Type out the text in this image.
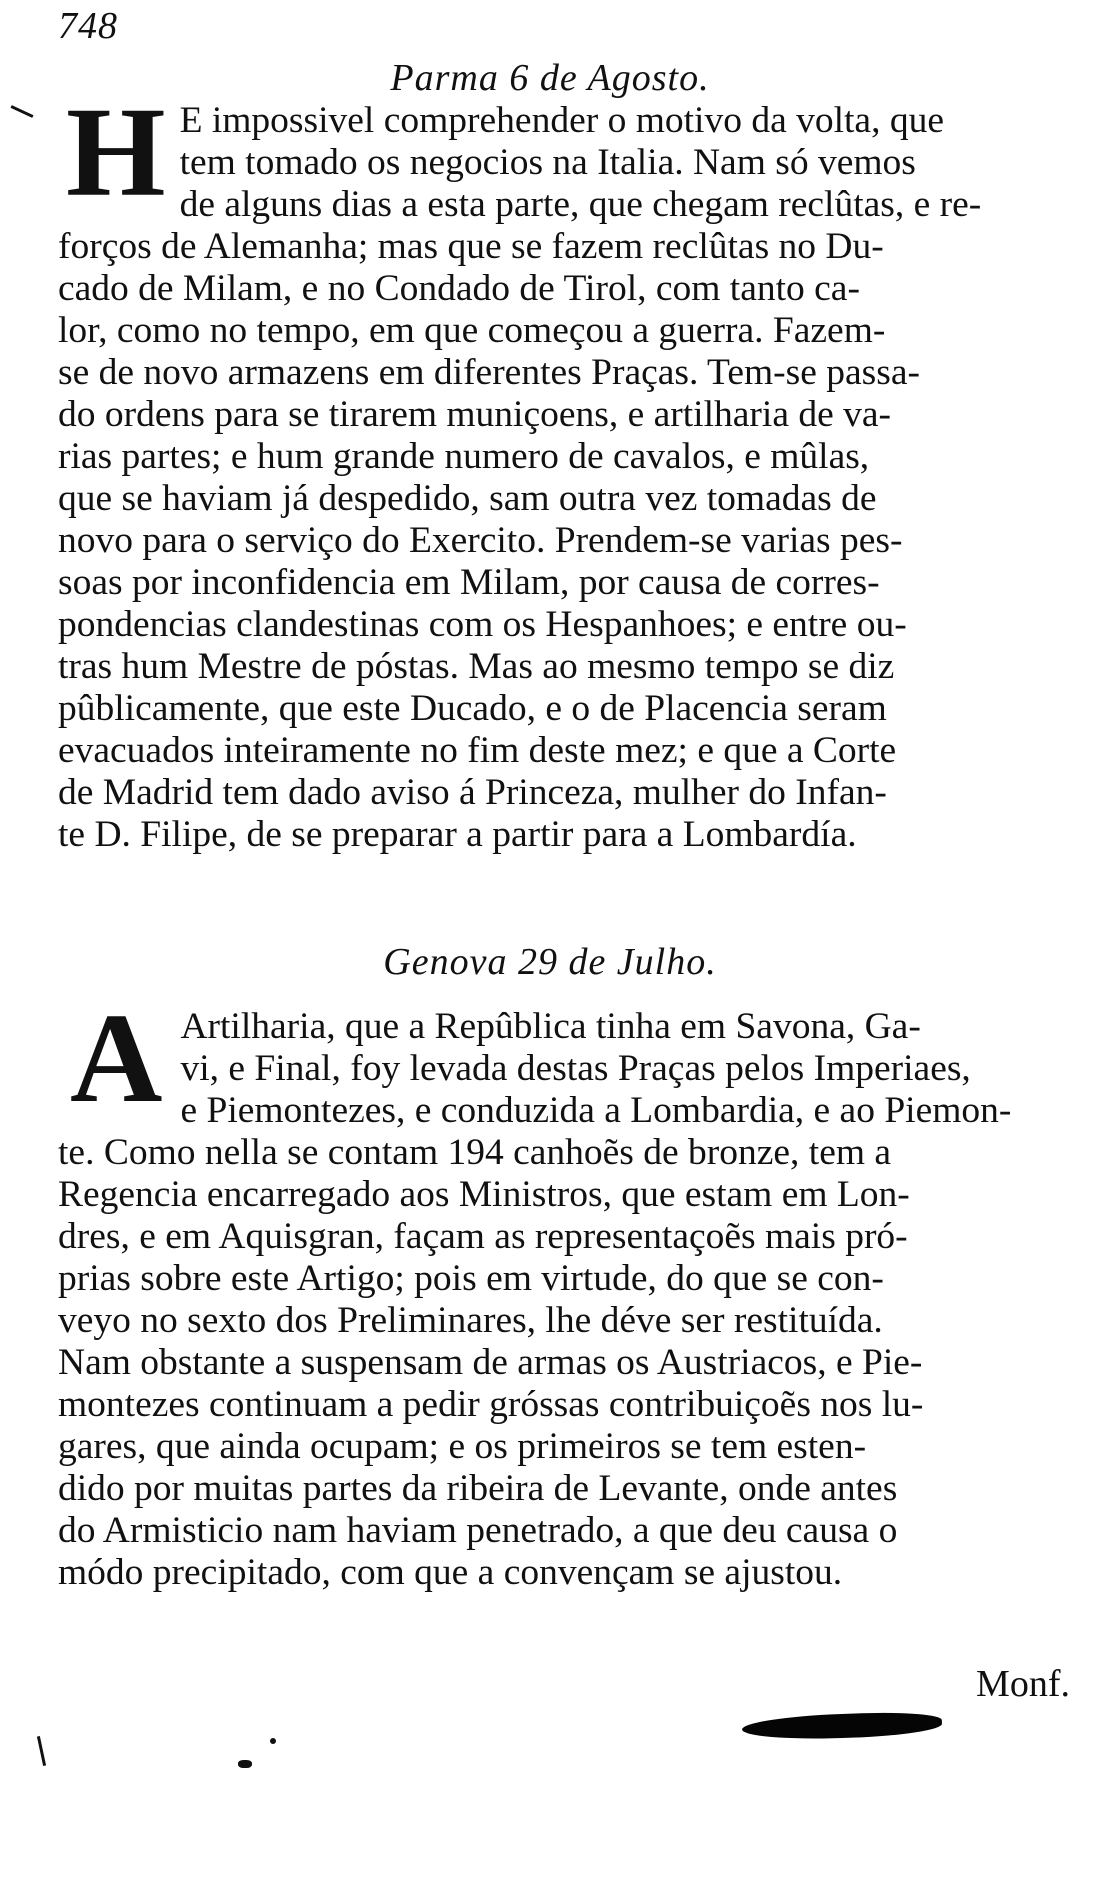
748
Parma 6 de Agosto.
H E impossivel comprehender o motivo da volta, que
tem tomado os negocios na Italia. Nam só vemos
de alguns dias a esta parte, que chegam reclûtas, e re-
forços de Alemanha; mas que se fazem reclûtas no Du-
cado de Milam, e no Condado de Tirol, com tanto ca-
lor, como no tempo, em que começou a guerra. Fazem-
se de novo armazens em diferentes Praças. Tem-se passa-
do ordens para se tirarem muniçoens, e artilharia de va-
rias partes; e hum grande numero de cavalos, e mûlas,
que se haviam já despedido, sam outra vez tomadas de
novo para o serviço do Exercito. Prendem-se varias pes-
soas por inconfidencia em Milam, por causa de corres-
pondencias clandestinas com os Hespanhoes; e entre ou-
tras hum Mestre de póstas. Mas ao mesmo tempo se diz
pûblicamente, que este Ducado, e o de Placencia seram
evacuados inteiramente no fim deste mez; e que a Corte
de Madrid tem dado aviso á Princeza, mulher do Infan-
te D. Filipe, de se preparar a partir para a Lombardía.
Genova 29 de Julho.
A Artilharia, que a Repûblica tinha em Savona, Ga-
vi, e Final, foy levada destas Praças pelos Imperiaes,
e Piemontezes, e conduzida a Lombardia, e ao Piemon-
te. Como nella se contam 194 canhoẽs de bronze, tem a
Regencia encarregado aos Ministros, que estam em Lon-
dres, e em Aquisgran, façam as representaçoẽs mais pró-
prias sobre este Artigo; pois em virtude, do que se con-
veyo no sexto dos Preliminares, lhe déve ser restituída.
Nam obstante a suspensam de armas os Austriacos, e Pie-
montezes continuam a pedir gróssas contribuiçoẽs nos lu-
gares, que ainda ocupam; e os primeiros se tem esten-
dido por muitas partes da ribeira de Levante, onde antes
do Armisticio nam haviam penetrado, a que deu causa o
módo precipitado, com que a convençam se ajustou.
Monf.
